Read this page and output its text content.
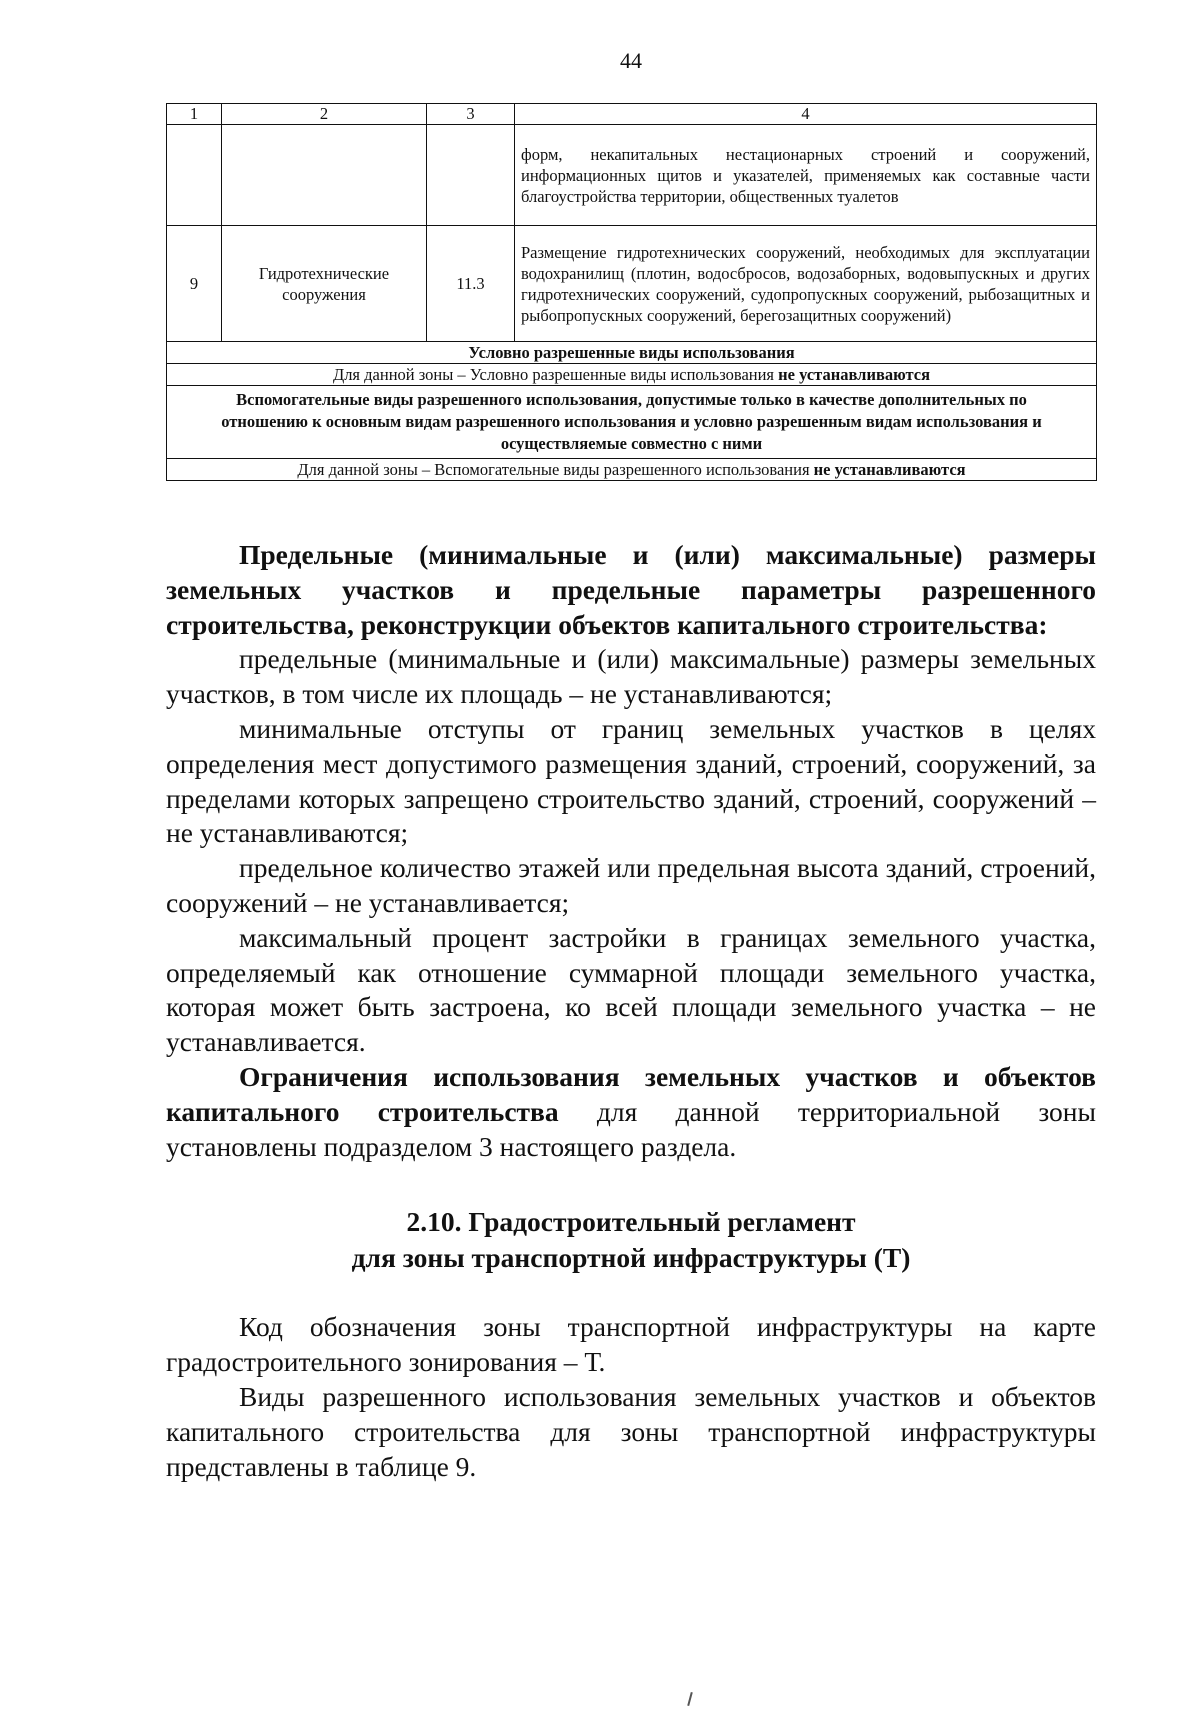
44
1	2	3	4
			форм, некапитальных нестационарных строений и сооружений, информационных щитов и указателей, применяемых как составные части благоустройства территории, общественных туалетов
9	Гидротехнические сооружения	11.3	Размещение гидротехнических сооружений, необходимых для эксплуатации водохранилищ (плотин, водосбросов, водозаборных, водовыпускных и других гидротехнических сооружений, судопропускных сооружений, рыбозащитных и рыбопропускных сооружений, берегозащитных сооружений)
Условно разрешенные виды использования			
Для данной зоны – Условно разрешенные виды использования не устанавливаются			
Вспомогательные виды разрешенного использования, допустимые только в качестве дополнительных по отношению к основным видам разрешенного использования и условно разрешенным видам использования и осуществляемые совместно с ними			
Для данной зоны – Вспомогательные виды разрешенного использования не устанавливаются			

Предельные (минимальные и (или) максимальные) размеры земельных участков и предельные параметры разрешенного строительства, реконструкции объектов капитального строительства:

предельные (минимальные и (или) максимальные) размеры земельных участков, в том числе их площадь – не устанавливаются;

минимальные отступы от границ земельных участков в целях определения мест допустимого размещения зданий, строений, сооружений, за пределами которых запрещено строительство зданий, строений, сооружений – не устанавливаются;

предельное количество этажей или предельная высота зданий, строений, сооружений – не устанавливается;

максимальный процент застройки в границах земельного участка, определяемый как отношение суммарной площади земельного участка, которая может быть застроена, ко всей площади земельного участка – не устанавливается.

Ограничения использования земельных участков и объектов капитального строительства для данной территориальной зоны установлены подразделом 3 настоящего раздела.

2.10. Градостроительный регламент
для зоны транспортной инфраструктуры (Т)

Код обозначения зоны транспортной инфраструктуры на карте градостроительного зонирования – Т.

Виды разрешенного использования земельных участков и объектов капитального строительства для зоны транспортной инфраструктуры представлены в таблице 9.
